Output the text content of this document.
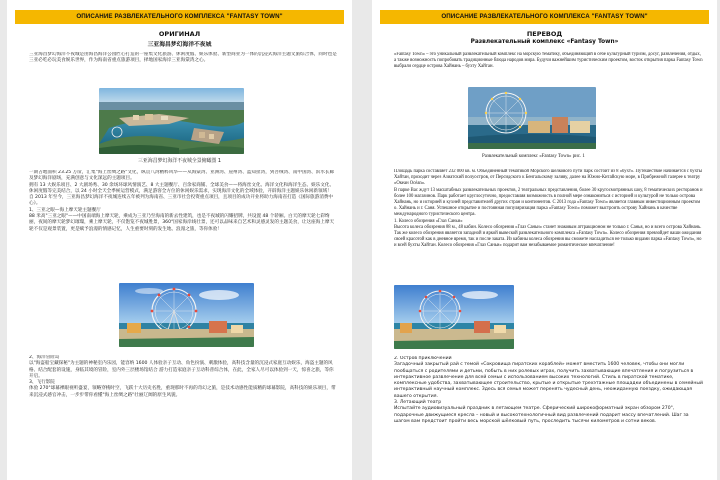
ОПИСАНИЕ РАЗВЛЕКАТЕЛЬНОГО КОМПЛЕКСА "FANTASY TOWN"
ОРИГИНАЛ
三亚海昌梦幻海洋不夜城

三亚海昌梦幻海洋不夜城是由海昌海洋公园匠心打造的一座集文化旅游、休闲度假、娱乐体验、新型商业为一体的沉浸式海洋主题文旅综合体，同时也是三亚必吃必玩美食娱乐世界，作为海南省重点旅游项目，择地国家海岸三亚海棠湾之心。

三亚海昌梦幻海洋不夜城全景俯瞰图 1

一期占地面积 23.25 万㎡，汇集"海上丝绸之路"文化，纵贯八湾精粹风华——从海棠湾、亚洲湾、崖州湾、蓝知扯湾，到吾绒湾、南中国湾、滨水长廊及梦幻海洋剧场，充满创意与文化深远的主题项目。

拥有 13 大娱乐项目、2 大剧场秀、30 余场环球风情演艺、8 大主题餐厅、百余家商铺、全球美食——将海丝文化、海洋文化和海洋生态、娱乐文化、休闲度假等完美结合，以 24 小时全天全季候运营模式，满足游客全方位的休闲娱乐需求，实现海洋文化的全域体验，开辟海洋主题娱乐休闲新领域！

自 2013 年至今，三亚海昌梦幻海洋不夜城连续五年被列为海南省、三亚市社会投资重点项目，且项目的成功开业将助力海南省打造《国际旅游消费中心》。

1、三亚之眼—海上摩天轮主题餐厅

88 米高"三亚之眼"——中国南端海上摩天轮，乘成为三亚乃至海南的新去性建筑，也是不夜城的闪耀招牌，共设置 48 个轿厢。白天的摩天轮七彩绚丽，夜间的摩天轮梦幻璀璨，乘上摩天轮，不仅饱览不夜城胜景，360°国家海岸线壮景，还可以品味来自艺术和灵感灵发的主题美食，让这座海上摩天轮不仅是观景装置，更是赋予浪漫的情感记忆，人生重要时刻的发生地、浪漫之旅，等你体验！

2、海洋冒险岛

以"海盗船宝藏探秘"为主题的神秘室内乐园，能容纳 1600 人体验亲子互动、角色扮演、刺激体验，高科技含量的沉浸式家庭互动娱乐，海盗主题的风格、结合配套的设施，身临其境的冒险，室内外三层楼场馆结合 游力打造家庭亲子互动科普综合体，在此，全家人尽可以体验到一天，惊喜之旅，等你开启。

3、飞行影院

体验 270°球幕裸眼视听盛宴，领略穿梭时空，飞跃十大历史名胜，重现那时不再的奇幻之旅，是技术动感性能质精的球幕影院，高科技的娱乐项目，带来沉浸式感官冲击，一步步带你看懂"海上丝绸之路"壮丽辽阔的原生风貌。

ОПИСАНИЕ РАЗВЛЕКАТЕЛЬНОГО КОМПЛЕКСА "FANTASY TOWN"
ПЕРЕВОД
Развлекательный комплекс «Fantasy Town»

«Fantasy Town» – это уникальный развлекательный комплекс на морскую тематику, объединяющий в себе культурный туризм, досуг, развлечения, отдых, а также возможность попробовать традиционные блюда народов мира. Будучи важнейшим туристическим проектом, восток открытия парка Fantasy Town выбрали сердце острова Хайнань – бухту Хайтан.

Развлекательный комплекс «Fantasy Town» рис. 1

Площадь парка составляет 232 000 кв. м. Объединённый тематикой Морского шёлкового пути парк состоит из 8 «бухт». Путешествие начинается с бухты Хайтан, проходит через Азиатский полуостров, от Персидского к Бенгальскому заливу, далее на Южно-Китайскую море, в Прибрежной галерее к театру «Океан Océan».

В парке Вас ждут 13 масштабных развлекательных проектов, 2 театральных представления, более 30 кругосмотрянных шоу, 8 тематических ресторанов и более 100 магазинов. Парк работает круглосуточно, предоставляя возможность в полной мере ознакомиться с историей и культурой не только острова Хайнань, но и историей и кухней представителей других стран и континентов. С 2013 года «Fantasy Town» является главным инвестиционным проектом о. Хайнань и г. Саня. Успешное открытие и постоянная популяризация парка «Fantasy Town» поможет выстроить острову Хайнань в качестве международного туристического центра.

1. Колесо обозрения «Глаз Саньи»

Высота колеса обозрения 88 м., 48 кабин. Колесо обозрения «Глаз Саньи» станет знаковым аттракционом не только г. Санья, но и всего острова Хайнань. Так же колесо обозрения является западной и яркой вывеской развлекательного комплекса «Fantasy Town». Колесо обозрения превзойдет ваши ожидания своей красотой как в дневное время, так и после заката. Из кабины колеса обозрения вы сможете насладиться не только видами парка «Fantasy Town», но и всей бухты Хайтан. Колесо обозрения «Глаз Саньи» подарит вам незабываемое романтическое впечатление!

2. Остров приключений

Загадочный закрытый рай с темой «Сокровища пиратских кораблей» может вместить 1600 человек, чтобы они могли пообщаться с родителями и детьми, побыть в них ролевых играх, получить захватывающие впечатления и погрузиться в интерактивное развлечение для всей семьи с использованием высоких технологий. Стиль в пиратской тематике, комплексные удобства, захватывающее строительство, крытые и открытые трехэтажные площадки объединены в семейный интерактивный научный комплекс. Здесь вся семья может перенять чудесный день, неожиданную поездку, ожидающая вашего открытия.

3. Летающий театр

Испытайте аудиовизуальный праздник в летающем театре. Сферический широкоформатный экран обзором 270°, подарочные движущиеся кресла – новый и высокотехнологичный вид развлечений подарит массу впечатлений. Шаг за шагом вам предстоит пройти весь морской шёлковый путь, проследить тысячи километров и сотни веков.
